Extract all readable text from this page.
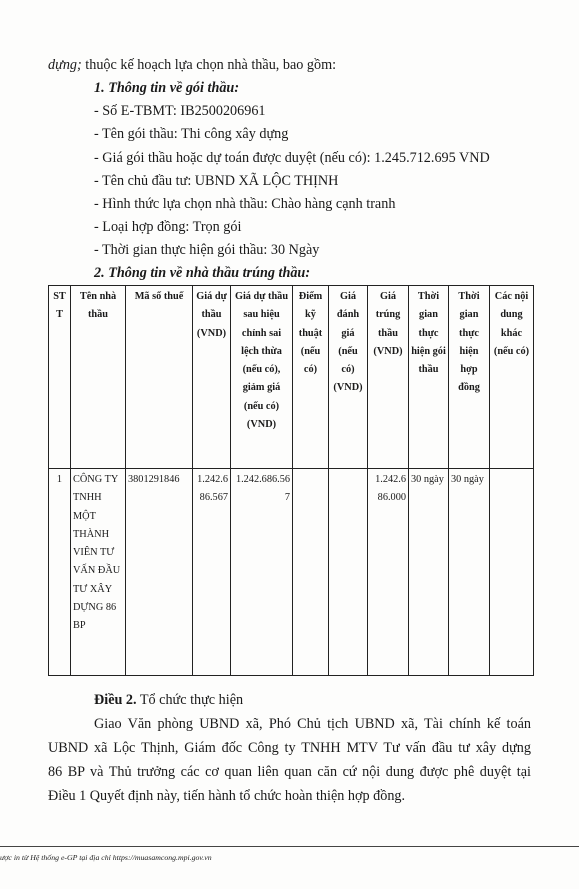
dựng; thuộc kế hoạch lựa chọn nhà thầu, bao gồm:
1. Thông tin về gói thầu:
- Số E-TBMT: IB2500206961
- Tên gói thầu: Thi công xây dựng
- Giá gói thầu hoặc dự toán được duyệt (nếu có): 1.245.712.695 VND
- Tên chủ đầu tư: UBND XÃ LỘC THỊNH
- Hình thức lựa chọn nhà thầu: Chào hàng cạnh tranh
- Loại hợp đồng: Trọn gói
- Thời gian thực hiện gói thầu: 30 Ngày
2. Thông tin về nhà thầu trúng thầu:
STT	Tên nhà thầu	Mã số thuế	Giá dự thầu (VND)	Giá dự thầu sau hiệu chỉnh sai lệch thừa (nếu có), giảm giá (nếu có) (VND)	Điểm kỹ thuật (nếu có)	Giá đánh giá (nếu có) (VND)	Giá trúng thầu (VND)	Thời gian thực hiện gói thầu	Thời gian thực hiện hợp đồng	Các nội dung khác (nếu có)
1	CÔNG TY TNHH MỘT THÀNH VIÊN TƯ VẤN ĐẦU TƯ XÂY DỰNG 86 BP	3801291846	1.242.686.567	1.242.686.567			1.242.686.000	30 ngày	30 ngày	
Điều 2. Tổ chức thực hiện
Giao Văn phòng UBND xã, Phó Chủ tịch UBND xã, Tài chính kế toán
UBND xã Lộc Thịnh, Giám đốc Công ty TNHH MTV Tư vấn đầu tư xây dựng
86 BP và Thủ trưởng các cơ quan liên quan căn cứ nội dung được phê duyệt tại
Điều 1 Quyết định này, tiến hành tổ chức hoàn thiện hợp đồng.
ược in từ Hệ thống e-GP tại địa chỉ https://muasamcong.mpi.gov.vn
